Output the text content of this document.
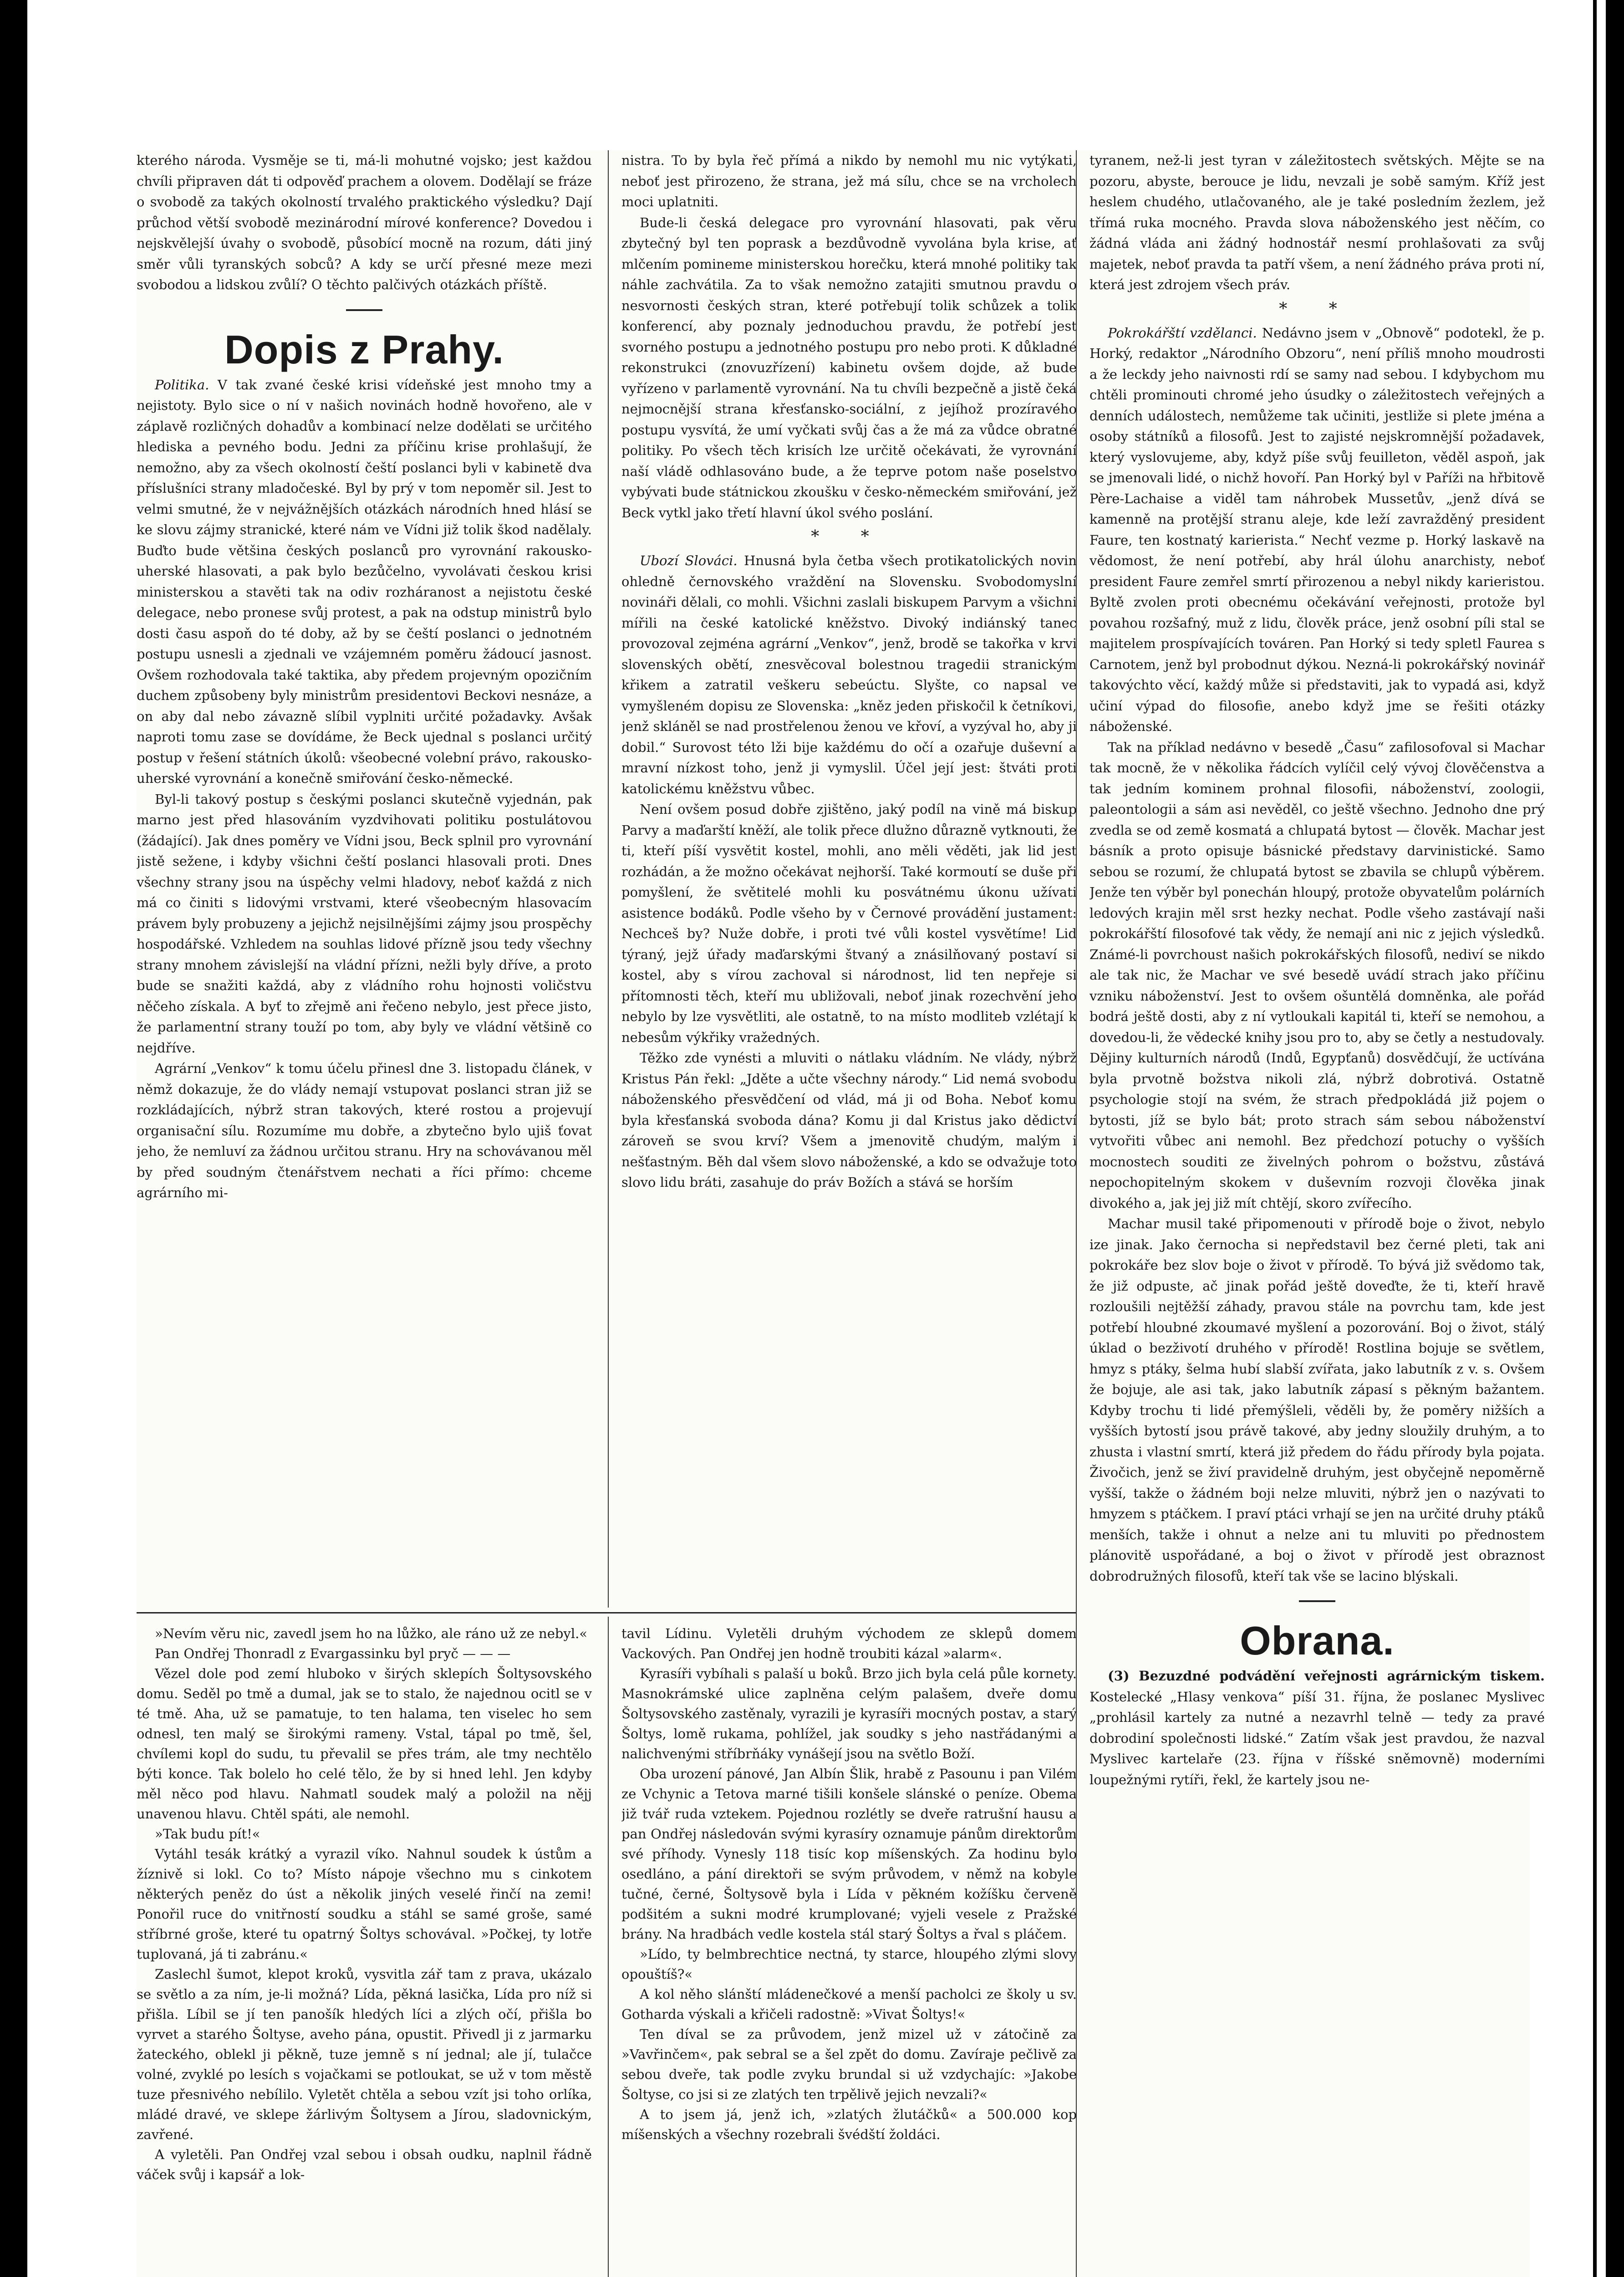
kterého národa. Vysměje se ti, má-li mohutné vojsko; jest každou chvíli připraven dát ti odpověď prachem a olovem. Dodělají se fráze o svobodě za takých okolností trvalého praktického výsledku? Dají průchod větší svobodě mezinárodní mírové konference? Dovedou i nejskvělejší úvahy o svobodě, působící mocně na rozum, dáti jiný směr vůli tyranských sobců? A kdy se určí přesné meze mezi svobodou a lidskou zvůlí? O těchto palčivých otázkách příště.

Dopis z Prahy.

Politika. V tak zvané české krisi vídeňské jest mnoho tmy a nejistoty. Bylo sice o ní v našich novinách hodně hovořeno, ale v záplavě rozličných dohadův a kombinací nelze dodělati se určitého hlediska a pevného bodu. Jedni za příčinu krise prohlašují, že nemožno, aby za všech okolností čeští poslanci byli v kabinetě dva příslušníci strany mladočeské. Byl by prý v tom nepoměr sil. Jest to velmi smutné, že v nejvážnějších otázkách národních hned hlásí se ke slovu zájmy stranické, které nám ve Vídni již tolik škod nadělaly. Buďto bude většina českých poslanců pro vyrovnání rakousko-uherské hlasovati, a pak bylo bezůčelno, vyvolávati českou krisi ministerskou a stavěti tak na odiv rozháranost a nejistotu české delegace, nebo pronese svůj protest, a pak na odstup ministrů bylo dosti času aspoň do té doby, až by se čeští poslanci o jednotném postupu usnesli a zjednali ve vzájemném poměru žádoucí jasnost. Ovšem rozhodovala také taktika, aby předem projevným opozičním duchem způsobeny byly ministrům presidentovi Beckovi nesnáze, a on aby dal nebo závazně slíbil vyplniti určité požadavky. Avšak naproti tomu zase se dovídáme, že Beck ujednal s poslanci určitý postup v řešení státních úkolů: všeobecné volební právo, rakousko-uherské vyrovnání a konečně smiřování česko-německé.

Byl-li takový postup s českými poslanci skutečně vyjednán, pak marno jest před hlasováním vyzdvihovati politiku postulátovou (žádající). Jak dnes poměry ve Vídni jsou, Beck splnil pro vyrovnání jistě sežene, i kdyby všichni čeští poslanci hlasovali proti. Dnes všechny strany jsou na úspěchy velmi hladovy, neboť každá z nich má co činiti s lidovými vrstvami, které všeobecným hlasovacím právem byly probuzeny a jejichž nejsilnějšími zájmy jsou prospěchy hospodářské. Vzhledem na souhlas lidové přízně jsou tedy všechny strany mnohem závislejší na vládní přízni, nežli byly dříve, a proto bude se snažiti každá, aby z vládního rohu hojnosti voličstvu něčeho získala. A byť to zřejmě ani řečeno nebylo, jest přece jisto, že parlamentní strany touží po tom, aby byly ve vládní většině co nejdříve.

Agrární „Venkov“ k tomu účelu přinesl dne 3. listopadu článek, v němž dokazuje, že do vlády nemají vstupovat poslanci stran již se rozkládajících, nýbrž stran takových, které rostou a projevují organisační sílu. Rozumíme mu dobře, a zbytečno bylo ujiš ťovat jeho, že nemluví za žádnou určitou stranu. Hry na schovávanou měl by před soudným čtenářstvem nechati a říci přímo: chceme agrárního mi-

nistra. To by byla řeč přímá a nikdo by nemohl mu nic vytýkati, neboť jest přirozeno, že strana, jež má sílu, chce se na vrcholech moci uplatniti.

Bude-li česká delegace pro vyrovnání hlasovati, pak věru zbytečný byl ten poprask a bezdůvodně vyvolána byla krise, ať mlčením pomineme ministerskou horečku, která mnohé politiky tak náhle zachvátila. Za to však nemožno zatajiti smutnou pravdu o nesvornosti českých stran, které potřebují tolik schůzek a tolik konferencí, aby poznaly jednoduchou pravdu, že potřebí jest svorného postupu a jednotného postupu pro nebo proti. K důkladné rekonstrukci (znovuzřízení) kabinetu ovšem dojde, až bude vyřízeno v parlamentě vyrovnání. Na tu chvíli bezpečně a jistě čeká nejmocnější strana křesťansko-sociální, z jejíhož prozíravého postupu vysvítá, že umí vyčkati svůj čas a že má za vůdce obratné politiky. Po všech těch krisích lze určitě očekávati, že vyrovnání naší vládě odhlasováno bude, a že teprve potom naše poselstvo vybývati bude státnickou zkoušku v česko-německém smiřování, jež Beck vytkl jako třetí hlavní úkol svého poslání.

* *

Ubozí Slováci. Hnusná byla četba všech protikatolických novin ohledně černovského vraždění na Slovensku. Svobodomyslní novináři dělali, co mohli. Všichni zaslali biskupem Parvym a všichni mířili na české katolické kněžstvo. Divoký indiánský tanec provozoval zejména agrární „Venkov“, jenž, brodě se takořka v krvi slovenských obětí, znesvěcoval bolestnou tragedii stranickým křikem a zatratil veškeru sebeúctu. Slyšte, co napsal ve vymyšleném dopisu ze Slovenska: „kněz jeden přiskočil k četníkovi, jenž skláněl se nad prostřelenou ženou ve křoví, a vyzýval ho, aby ji dobil.“ Surovost této lži bije každému do očí a ozařuje duševní a mravní nízkost toho, jenž ji vymyslil. Účel její jest: štváti proti katolickému kněžstvu vůbec.

Není ovšem posud dobře zjištěno, jaký podíl na vině má biskup Parvy a maďarští kněží, ale tolik přece dlužno důrazně vytknouti, že ti, kteří píší vysvětit kostel, mohli, ano měli věděti, jak lid jest rozhádán, a že možno očekávat nejhorší. Také kormoutí se duše při pomyšlení, že světitelé mohli ku posvátnému úkonu užívati asistence bodáků. Podle všeho by v Černové provádění justament: Nechceš by? Nuže dobře, i proti tvé vůli kostel vysvětíme! Lid týraný, jejž úřady maďarskými štvaný a znásilňovaný postaví si kostel, aby s vírou zachoval si národnost, lid ten nepřeje si přítomnosti těch, kteří mu ubližovali, neboť jinak rozechvění jeho nebylo by lze vysvětliti, ale ostatně, to na místo modliteb vzlétají k nebesům výkřiky vražedných.

Těžko zde vynésti a mluviti o nátlaku vládním. Ne vlády, nýbrž Kristus Pán řekl: „Jděte a učte všechny národy.“ Lid nemá svobodu náboženského přesvědčení od vlád, má ji od Boha. Neboť komu byla křesťanská svoboda dána? Komu ji dal Kristus jako dědictví zároveň se svou krví? Všem a jmenovitě chudým, malým i nešťastným. Běh dal všem slovo náboženské, a kdo se odvažuje toto slovo lidu bráti, zasahuje do práv Božích a stává se horším

»Nevím věru nic, zavedl jsem ho na lůžko, ale ráno už ze nebyl.«

Pan Ondřej Thonradl z Evargassinku byl pryč — — —

Vězel dole pod zemí hluboko v širých sklepích Šoltysovského domu. Seděl po tmě a dumal, jak se to stalo, že najednou ocitl se v té tmě. Aha, už se pamatuje, to ten halama, ten viselec ho sem odnesl, ten malý se širokými rameny. Vstal, tápal po tmě, šel, chvílemi kopl do sudu, tu převalil se přes trám, ale tmy nechtělo býti konce. Tak bolelo ho celé tělo, že by si hned lehl. Jen kdyby měl něco pod hlavu. Nahmatl soudek malý a položil na nějj unavenou hlavu. Chtěl spáti, ale nemohl.

»Tak budu pít!«

Vytáhl tesák krátký a vyrazil víko. Nahnul soudek k ústům a žíznivě si lokl. Co to? Místo nápoje všechno mu s cinkotem některých peněz do úst a několik jiných veselé řinčí na zemi! Ponořil ruce do vnitřností soudku a stáhl se samé groše, samé stříbrné groše, které tu opatrný Šoltys schovával. »Počkej, ty lotře tuplovaná, já ti zabránu.«

Zaslechl šumot, klepot kroků, vysvitla zář tam z prava, ukázalo se světlo a za ním, je-li možná? Lída, pěkná lasička, Lída pro níž si přišla. Líbil se jí ten panošík hledých líci a zlých očí, přišla bo vyrvet a starého Šoltyse, aveho pána, opustit. Přivedl ji z jarmarku žateckého, oblekl ji pěkně, tuze jemně s ní jednal; ale jí, tulačce volné, zvyklé po lesích s vojačkami se potloukat, se už v tom městě tuze přesnivého nebílilo. Vyletět chtěla a sebou vzít jsi toho orlíka, mládé dravé, ve sklepe žárlivým Šoltysem a Jírou, sladovnickým, zavřené.

A vyletěli. Pan Ondřej vzal sebou i obsah oudku, naplnil řádně váček svůj i kapsář a lok-

tavil Lídinu. Vyletěli druhým východem ze sklepů domem Vackových. Pan Ondřej jen hodně troubiti kázal »alarm«.

Kyrasíři vybíhali s palaší u boků. Brzo jich byla celá půle kornety. Masnokrámské ulice zaplněna celým palašem, dveře domu Šoltysovského zastěnaly, vyrazili je kyrasíři mocných postav, a starý Šoltys, lomě rukama, pohlížel, jak soudky s jeho nastřádanými a nalichvenými stříbrňáky vynášejí jsou na světlo Boží.

Oba urození pánové, Jan Albín Šlik, hrabě z Pasounu i pan Vilém ze Vchynic a Tetova marné tišili konšele slánské o peníze. Obema již tvář ruda vztekem. Pojednou rozlétly se dveře ratrušní hausu a pan Ondřej následován svými kyrasíry oznamuje pánům direktorům své příhody. Vynesly 118 tisíc kop míšenských. Za hodinu bylo osedláno, a pání direktoři se svým průvodem, v němž na kobyle tučné, černé, Šoltysově byla i Lída v pěkném kožíšku červeně podšitém a sukni modré krumplované; vyjeli vesele z Pražské brány. Na hradbách vedle kostela stál starý Šoltys a řval s pláčem.

»Lído, ty belmbrechtice nectná, ty starce, hloupého zlými slovy opouštíš?«

A kol něho slánští mládenečkové a menší pacholci ze školy u sv. Gotharda výskali a křičeli radostně: »Vivat Šoltys!«

Ten díval se za průvodem, jenž mizel už v zátočině za »Vavřinčem«, pak sebral se a šel zpět do domu. Zavíraje pečlivě za sebou dveře, tak podle zvyku brundal si už vzdychajíc: »Jakobe Šoltyse, co jsi si ze zlatých ten trpělivě jejich nevzali?«

A to jsem já, jenž ich, »zlatých žlutáčků« a 500.000 kop míšenských a všechny rozebrali švédští žoldáci.

tyranem, než-li jest tyran v záležitostech světských. Mějte se na pozoru, abyste, berouce je lidu, nevzali je sobě samým. Kříž jest heslem chudého, utlačovaného, ale je také posledním žezlem, jež třímá ruka mocného. Pravda slova náboženského jest něčím, co žádná vláda ani žádný hodnostář nesmí prohlašovati za svůj majetek, neboť pravda ta patří všem, a není žádného práva proti ní, která jest zdrojem všech práv.

* *

Pokrokářští vzdělanci. Nedávno jsem v „Obnově“ podotekl, že p. Horký, redaktor „Národního Obzoru“, není příliš mnoho moudrosti a že leckdy jeho naivnosti rdí se samy nad sebou. I kdybychom mu chtěli prominouti chromé jeho úsudky o záležitostech veřejných a denních událostech, nemůžeme tak učiniti, jestliže si plete jména a osoby státníků a filosofů. Jest to zajisté nejskromnější požadavek, který vyslovujeme, aby, když píše svůj feuilleton, věděl aspoň, jak se jmenovali lidé, o nichž hovoří. Pan Horký byl v Paříži na hřbitově Père-Lachaise a viděl tam náhrobek Mussetův, „jenž dívá se kamenně na protější stranu aleje, kde leží zavražděný president Faure, ten kostnatý karierista.“ Nechť vezme p. Horký laskavě na vědomost, že není potřebí, aby hrál úlohu anarchisty, neboť president Faure zemřel smrtí přirozenou a nebyl nikdy karieristou. Byltě zvolen proti obecnému očekávání veřejnosti, protože byl povahou rozšafný, muž z lidu, člověk práce, jenž osobní píli stal se majitelem prospívajících továren. Pan Horký si tedy spletl Faurea s Carnotem, jenž byl probodnut dýkou. Nezná-li pokrokářský novinář takovýchto věcí, každý může si představiti, jak to vypadá asi, když učiní výpad do filosofie, anebo když jme se řešiti otázky náboženské.

Tak na příklad nedávno v besedě „Času“ zafilosofoval si Machar tak mocně, že v několika řádcích vylíčil celý vývoj člověčenstva a tak jedním kominem prohnal filosofii, náboženství, zoologii, paleontologii a sám asi nevěděl, co ještě všechno. Jednoho dne prý zvedla se od země kosmatá a chlupatá bytost — člověk. Machar jest básník a proto opisuje básnické představy darvinistické. Samo sebou se rozumí, že chlupatá bytost se zbavila se chlupů výběrem. Jenže ten výběr byl ponechán hloupý, protože obyvatelům polárních ledových krajin měl srst hezky nechat. Podle všeho zastávají naši pokrokářští filosofové tak vědy, že nemají ani nic z jejich výsledků. Známé-li povrchoust našich pokrokářských filosofů, nediví se nikdo ale tak nic, že Machar ve své besedě uvádí strach jako příčinu vzniku náboženství. Jest to ovšem ošuntělá domněnka, ale pořád bodrá ještě dosti, aby z ní vytloukali kapitál ti, kteří se nemohou, a dovedou-li, že vědecké knihy jsou pro to, aby se četly a nestudovaly. Dějiny kulturních národů (Indů, Egypťanů) dosvědčují, že uctívána byla prvotně božstva nikoli zlá, nýbrž dobrotivá. Ostatně psychologie stojí na svém, že strach předpokládá již pojem o bytosti, jíž se bylo bát; proto strach sám sebou náboženství vytvořiti vůbec ani nemohl. Bez předchozí potuchy o vyšších mocnostech souditi ze živelných pohrom o božstvu, zůstává nepochopitelným skokem v duševním rozvoji člověka jinak divokého a, jak jej již mít chtějí, skoro zvířecího.

Machar musil také připomenouti v přírodě boje o život, nebylo ize jinak. Jako černocha si nepředstavil bez černé pleti, tak ani pokrokáře bez slov boje o život v přírodě. To bývá již svědomo tak, že již odpuste, ač jinak pořád ještě doveďte, že ti, kteří hravě rozloušili nejtěžší záhady, pravou stále na povrchu tam, kde jest potřebí hloubné zkoumavé myšlení a pozorování. Boj o život, stálý úklad o bezživotí druhého v přírodě! Rostlina bojuje se světlem, hmyz s ptáky, šelma hubí slabší zvířata, jako labutník z v. s. Ovšem že bojuje, ale asi tak, jako labutník zápasí s pěkným bažantem. Kdyby trochu ti lidé přemýšleli, věděli by, že poměry nižších a vyšších bytostí jsou právě takové, aby jedny sloužily druhým, a to zhusta i vlastní smrtí, která již předem do řádu přírody byla pojata. Živočich, jenž se živí pravidelně druhým, jest obyčejně nepoměrně vyšší, takže o žádném boji nelze mluviti, nýbrž jen o nazývati to hmyzem s ptáčkem. I praví ptáci vrhají se jen na určité druhy ptáků menších, takže i ohnut a nelze ani tu mluviti po přednostem plánovitě uspořádané, a boj o život v přírodě jest obraznost dobrodružných filosofů, kteří tak vše se lacino blýskali.

Obrana.

(3) Bezuzdné podvádění veřejnosti agrárnickým tiskem. Kostelecké „Hlasy venkova“ píší 31. října, že poslanec Myslivec „prohlásil kartely za nutné a nezavrhl telně — tedy za pravé dobrodiní společnosti lidské.“ Zatím však jest pravdou, že nazval Myslivec kartelaře (23. října v říšské sněmovně) moderními loupežnými rytíři, řekl, že kartely jsou ne-
